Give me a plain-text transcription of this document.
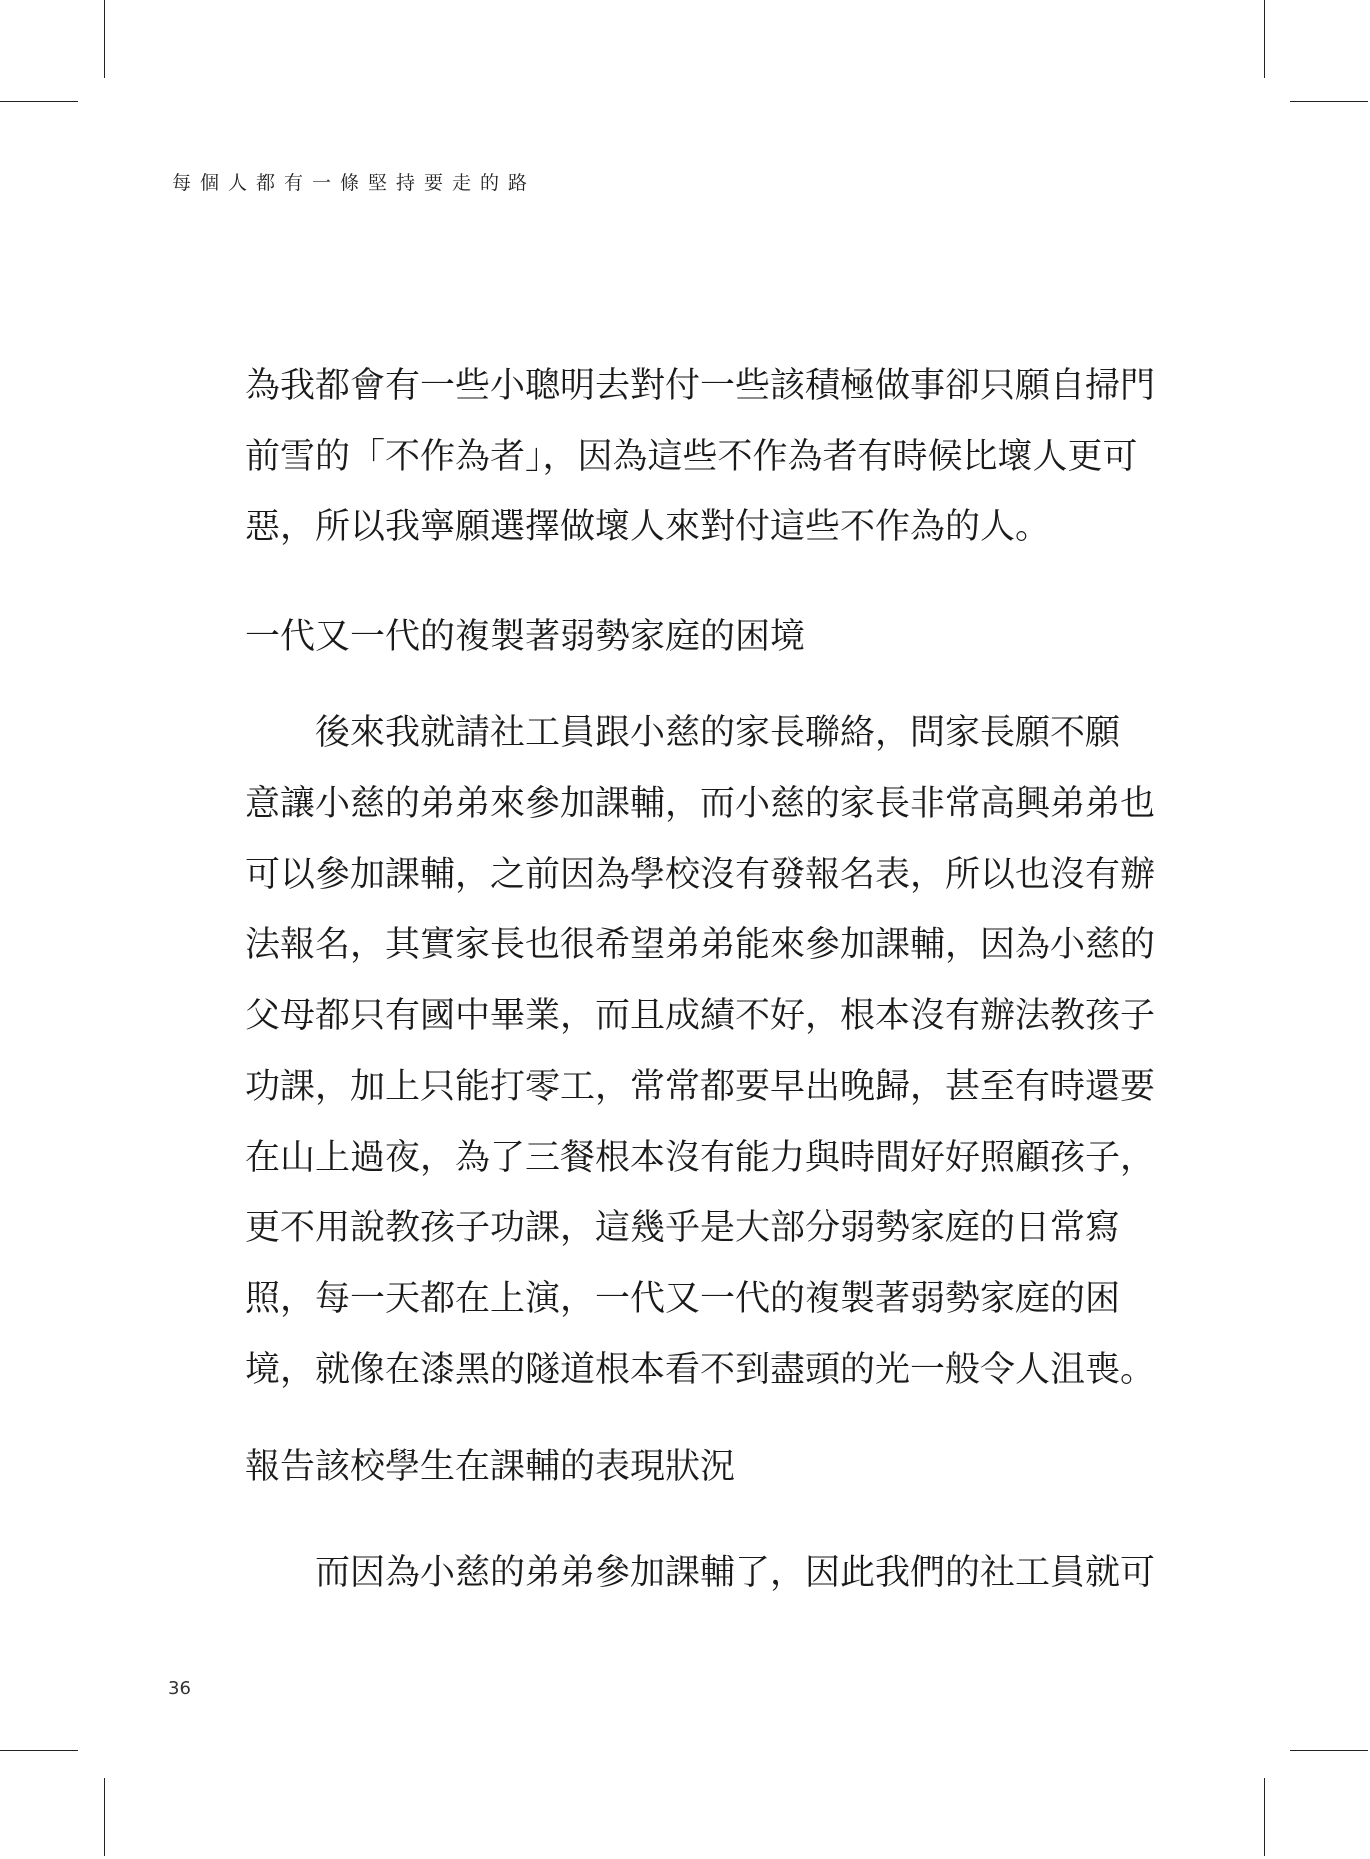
每個人都有一條堅持要走的路
為我都會有一些小聰明去對付一些該積極做事卻只願自掃門
前雪的「不作為者」，因為這些不作為者有時候比壞人更可
惡，所以我寧願選擇做壞人來對付這些不作為的人。
一代又一代的複製著弱勢家庭的困境
　　後來我就請社工員跟小慈的家長聯絡，問家長願不願
意讓小慈的弟弟來參加課輔，而小慈的家長非常高興弟弟也
可以參加課輔，之前因為學校沒有發報名表，所以也沒有辦
法報名，其實家長也很希望弟弟能來參加課輔，因為小慈的
父母都只有國中畢業，而且成績不好，根本沒有辦法教孩子
功課，加上只能打零工，常常都要早出晚歸，甚至有時還要
在山上過夜，為了三餐根本沒有能力與時間好好照顧孩子，
更不用說教孩子功課，這幾乎是大部分弱勢家庭的日常寫
照，每一天都在上演，一代又一代的複製著弱勢家庭的困
境，就像在漆黑的隧道根本看不到盡頭的光一般令人沮喪。
報告該校學生在課輔的表現狀況
　　而因為小慈的弟弟參加課輔了，因此我們的社工員就可
36
